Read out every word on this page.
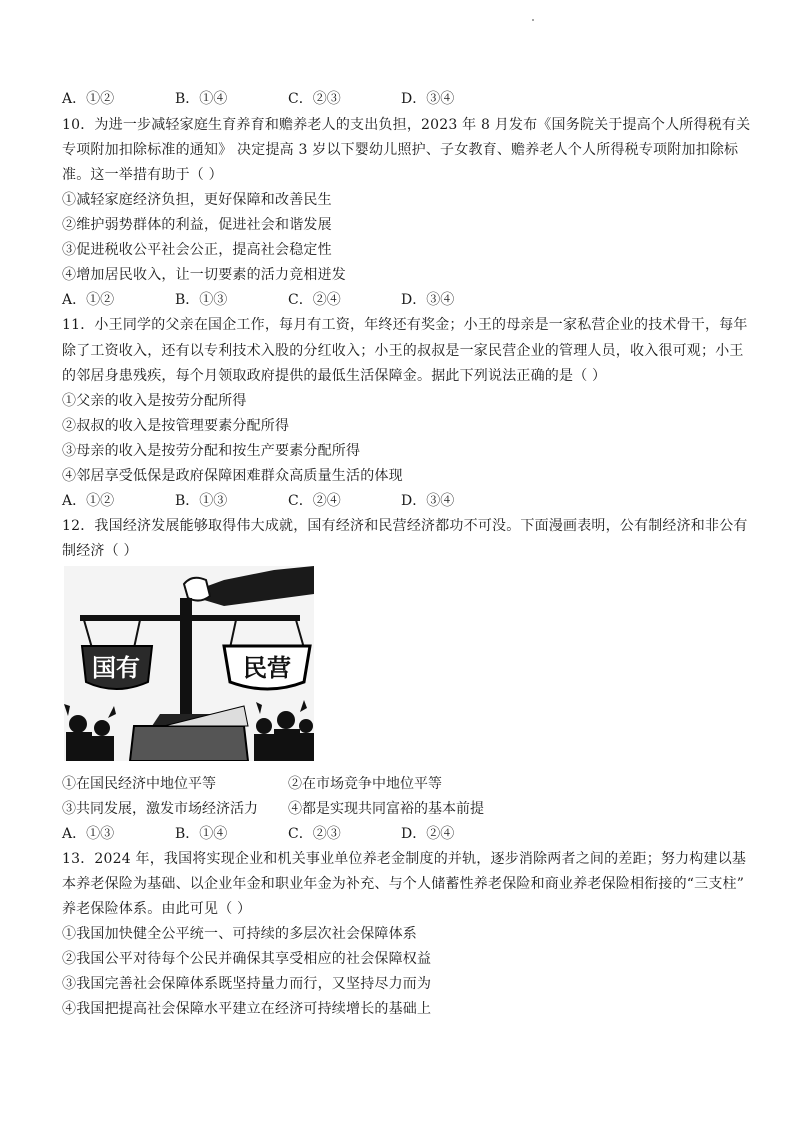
A．①②	B．①④	C．②③	D．③④
10．为进一步减轻家庭生育养育和赡养老人的支出负担，2023 年 8 月发布《国务院关于提高个人所得税有关
专项附加扣除标准的通知》 决定提高 3 岁以下婴幼儿照护、子女教育、赡养老人个人所得税专项附加扣除标
准。这一举措有助于（ ）
①减轻家庭经济负担，更好保障和改善民生
②维护弱势群体的利益，促进社会和谐发展
③促进税收公平社会公正，提高社会稳定性
④增加居民收入，让一切要素的活力竞相迸发
A．①②	B．①③	C．②④	D．③④
11．小王同学的父亲在国企工作，每月有工资，年终还有奖金；小王的母亲是一家私营企业的技术骨干，每年
除了工资收入，还有以专利技术入股的分红收入；小王的叔叔是一家民营企业的管理人员，收入很可观；小王
的邻居身患残疾，每个月领取政府提供的最低生活保障金。据此下列说法正确的是（ ）
①父亲的收入是按劳分配所得
②叔叔的收入是按管理要素分配所得
③母亲的收入是按劳分配和按生产要素分配所得
④邻居享受低保是政府保障困难群众高质量生活的体现
A．①②	B．①③	C．②④	D．③④
12．我国经济发展能够取得伟大成就，国有经济和民营经济都功不可没。下面漫画表明，公有制经济和非公有
制经济（ ）
国有	民营
①在国民经济中地位平等	②在市场竞争中地位平等
③共同发展，激发市场经济活力 ④都是实现共同富裕的基本前提
A．①③	B．①④	C．②③	D．②④
13．2024 年，我国将实现企业和机关事业单位养老金制度的并轨，逐步消除两者之间的差距；努力构建以基
本养老保险为基础、以企业年金和职业年金为补充、与个人储蓄性养老保险和商业养老保险相衔接的“三支柱”
养老保险体系。由此可见（ ）
①我国加快健全公平统一、可持续的多层次社会保障体系
②我国公平对待每个公民并确保其享受相应的社会保障权益
③我国完善社会保障体系既坚持量力而行，又坚持尽力而为
④我国把提高社会保障水平建立在经济可持续增长的基础上
